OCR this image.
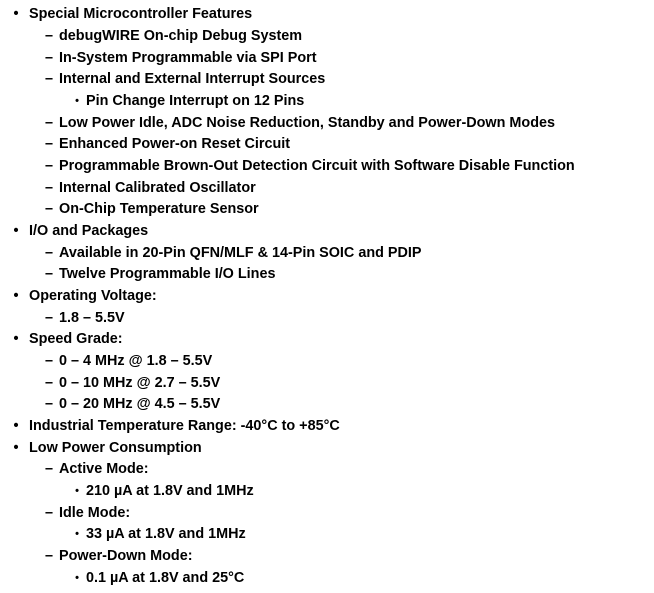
• Special Microcontroller Features
– debugWIRE On-chip Debug System
– In-System Programmable via SPI Port
– Internal and External Interrupt Sources
• Pin Change Interrupt on 12 Pins
– Low Power Idle, ADC Noise Reduction, Standby and Power-Down Modes
– Enhanced Power-on Reset Circuit
– Programmable Brown-Out Detection Circuit with Software Disable Function
– Internal Calibrated Oscillator
– On-Chip Temperature Sensor
• I/O and Packages
– Available in 20-Pin QFN/MLF & 14-Pin SOIC and PDIP
– Twelve Programmable I/O Lines
• Operating Voltage:
– 1.8 – 5.5V
• Speed Grade:
– 0 – 4 MHz @ 1.8 – 5.5V
– 0 – 10 MHz @ 2.7 – 5.5V
– 0 – 20 MHz @ 4.5 – 5.5V
• Industrial Temperature Range: -40°C to +85°C
• Low Power Consumption
– Active Mode:
• 210 µA at 1.8V and 1MHz
– Idle Mode:
• 33 µA at 1.8V and 1MHz
– Power-Down Mode:
• 0.1 µA at 1.8V and 25°C
